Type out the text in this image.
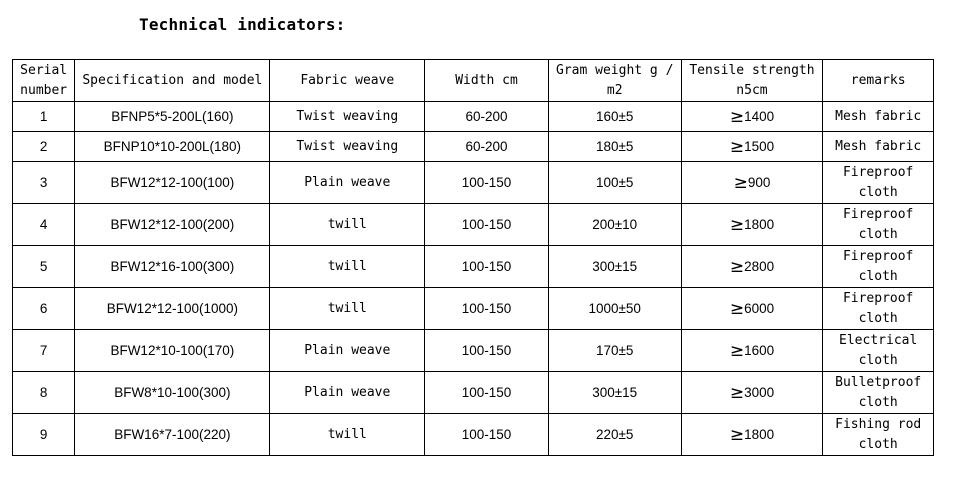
Technical indicators:
Serial number	Specification and model	Fabric weave	Width cm	Gram weight g / m2	Tensile strength n5cm	remarks
1	BFNP5*5-200L(160)	Twist weaving	60-200	160±5	≥1400	Mesh fabric
2	BFNP10*10-200L(180)	Twist weaving	60-200	180±5	≥1500	Mesh fabric
3	BFW12*12-100(100)	Plain weave	100-150	100±5	≥900	Fireproof cloth
4	BFW12*12-100(200)	twill	100-150	200±10	≥1800	Fireproof cloth
5	BFW12*16-100(300)	twill	100-150	300±15	≥2800	Fireproof cloth
6	BFW12*12-100(1000)	twill	100-150	1000±50	≥6000	Fireproof cloth
7	BFW12*10-100(170)	Plain weave	100-150	170±5	≥1600	Electrical cloth
8	BFW8*10-100(300)	Plain weave	100-150	300±15	≥3000	Bulletproof cloth
9	BFW16*7-100(220)	twill	100-150	220±5	≥1800	Fishing rod cloth
